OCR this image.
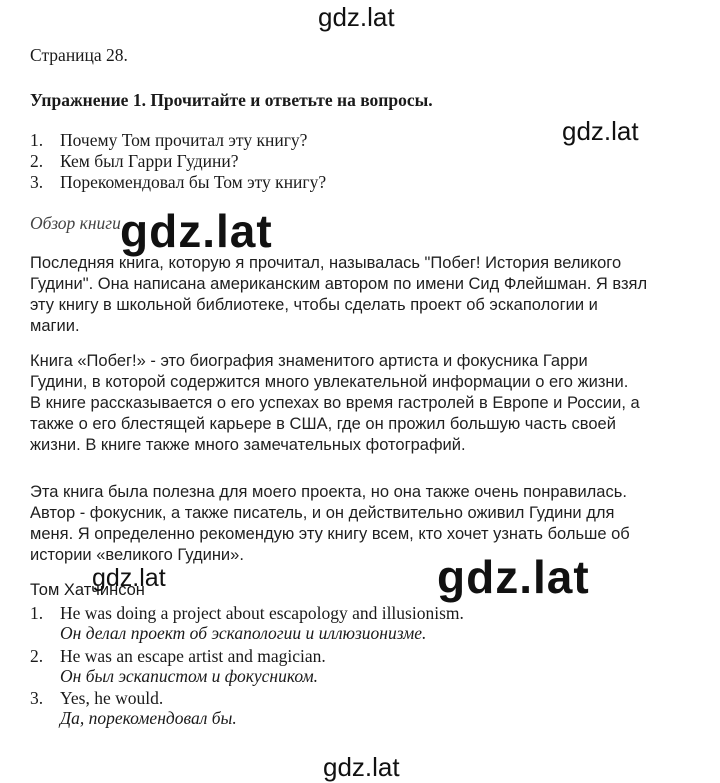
gdz.lat
Страница 28.
Упражнение 1. Прочитайте и ответьте на вопросы.
1. Почему Том прочитал эту книгу?
2. Кем был Гарри Гудини?
3. Порекомендовал бы Том эту книгу?
gdz.lat
Обзор книги gdz.lat
Последняя книга, которую я прочитал, называлась "Побег! История великого
Гудини". Она написана американским автором по имени Сид Флейшман. Я взял
эту книгу в школьной библиотеке, чтобы сделать проект об эскапологии и
магии.
Книга «Побег!» - это биография знаменитого артиста и фокусника Гарри
Гудини, в которой содержится много увлекательной информации о его жизни.
В книге рассказывается о его успехах во время гастролей в Европе и России, а
также о его блестящей карьере в США, где он прожил большую часть своей
жизни. В книге также много замечательных фотографий.
Эта книга была полезна для моего проекта, но она также очень понравилась.
Автор - фокусник, а также писатель, и он действительно оживил Гудини для
меня. Я определенно рекомендую эту книгу всем, кто хочет узнать больше об
истории «великого Гудини».
Том Хатчинсон
gdz.lat	gdz.lat
1. He was doing a project about escapology and illusionism.
Он делал проект об эскапологии и иллюзионизме.
2. He was an escape artist and magician.
Он был эскапистом и фокусником.
3. Yes, he would.
Да, порекомендовал бы.
gdz.lat
